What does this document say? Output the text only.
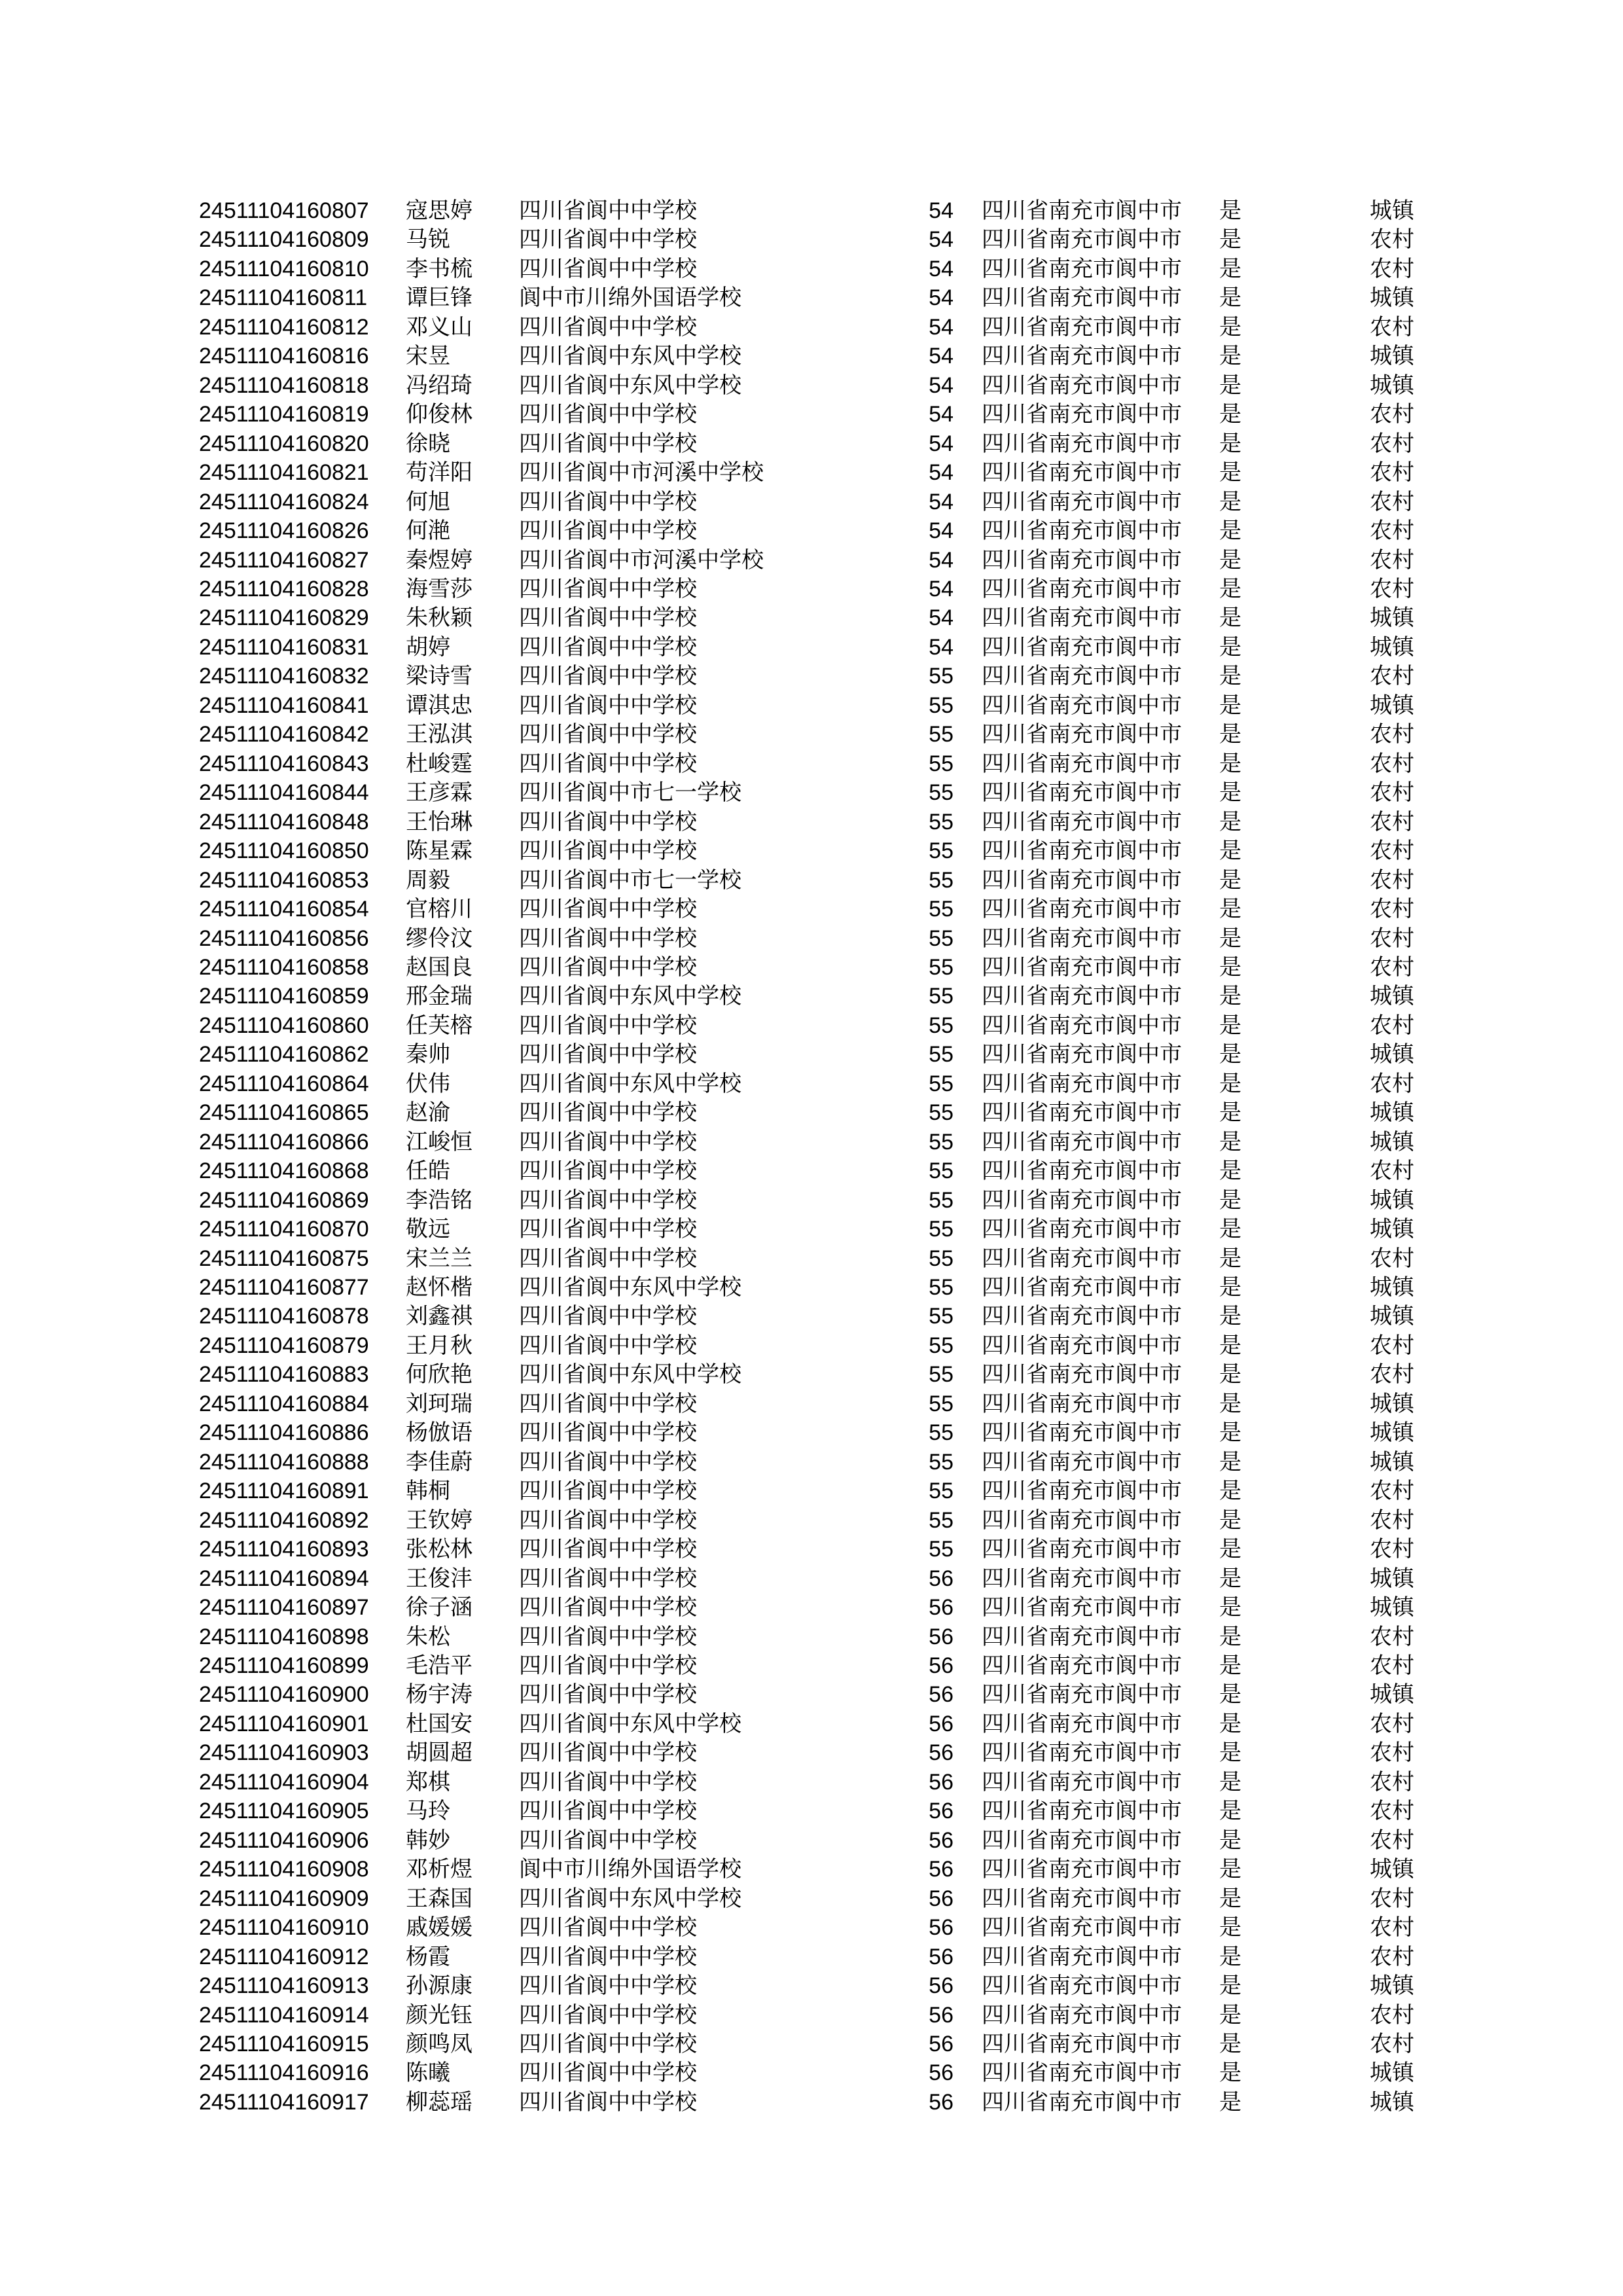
24511104160807 寇思婷 四川省阆中中学校	54 四川省南充市阆中市 是	城镇
24511104160809 马锐	四川省阆中中学校	54 四川省南充市阆中市 是	农村
24511104160810 李书梳 四川省阆中中学校	54 四川省南充市阆中市 是	农村
24511104160811 谭巨锋 阆中市川绵外国语学校	54 四川省南充市阆中市 是	城镇
24511104160812 邓义山 四川省阆中中学校	54 四川省南充市阆中市 是	农村
24511104160816 宋昱	四川省阆中东风中学校	54 四川省南充市阆中市 是	城镇
24511104160818 冯绍琦 四川省阆中东风中学校	54 四川省南充市阆中市 是	城镇
24511104160819 仰俊林 四川省阆中中学校	54 四川省南充市阆中市 是	农村
24511104160820 徐晓	四川省阆中中学校	54 四川省南充市阆中市 是	农村
24511104160821 苟洋阳 四川省阆中市河溪中学校	54 四川省南充市阆中市 是	农村
24511104160824 何旭	四川省阆中中学校	54 四川省南充市阆中市 是	农村
24511104160826 何滟	四川省阆中中学校	54 四川省南充市阆中市 是	农村
24511104160827 秦煜婷 四川省阆中市河溪中学校	54 四川省南充市阆中市 是	农村
24511104160828 海雪莎 四川省阆中中学校	54 四川省南充市阆中市 是	农村
24511104160829 朱秋颖 四川省阆中中学校	54 四川省南充市阆中市 是	城镇
24511104160831 胡婷	四川省阆中中学校	54 四川省南充市阆中市 是	城镇
24511104160832 梁诗雪 四川省阆中中学校	55 四川省南充市阆中市 是	农村
24511104160841 谭淇忠 四川省阆中中学校	55 四川省南充市阆中市 是	城镇
24511104160842 王泓淇 四川省阆中中学校	55 四川省南充市阆中市 是	农村
24511104160843 杜峻霆 四川省阆中中学校	55 四川省南充市阆中市 是	农村
24511104160844 王彦霖 四川省阆中市七一学校	55 四川省南充市阆中市 是	农村
24511104160848 王怡琳 四川省阆中中学校	55 四川省南充市阆中市 是	农村
24511104160850 陈星霖 四川省阆中中学校	55 四川省南充市阆中市 是	农村
24511104160853 周毅	四川省阆中市七一学校	55 四川省南充市阆中市 是	农村
24511104160854 官榕川 四川省阆中中学校	55 四川省南充市阆中市 是	农村
24511104160856 缪伶汶 四川省阆中中学校	55 四川省南充市阆中市 是	农村
24511104160858 赵国良 四川省阆中中学校	55 四川省南充市阆中市 是	农村
24511104160859 邢金瑞 四川省阆中东风中学校	55 四川省南充市阆中市 是	城镇
24511104160860 任芙榕 四川省阆中中学校	55 四川省南充市阆中市 是	农村
24511104160862 秦帅	四川省阆中中学校	55 四川省南充市阆中市 是	城镇
24511104160864 伏伟	四川省阆中东风中学校	55 四川省南充市阆中市 是	农村
24511104160865 赵渝	四川省阆中中学校	55 四川省南充市阆中市 是	城镇
24511104160866 江峻恒 四川省阆中中学校	55 四川省南充市阆中市 是	城镇
24511104160868 任皓	四川省阆中中学校	55 四川省南充市阆中市 是	农村
24511104160869 李浩铭 四川省阆中中学校	55 四川省南充市阆中市 是	城镇
24511104160870 敬远	四川省阆中中学校	55 四川省南充市阆中市 是	城镇
24511104160875 宋兰兰 四川省阆中中学校	55 四川省南充市阆中市 是	农村
24511104160877 赵怀楷 四川省阆中东风中学校	55 四川省南充市阆中市 是	城镇
24511104160878 刘鑫祺 四川省阆中中学校	55 四川省南充市阆中市 是	城镇
24511104160879 王月秋 四川省阆中中学校	55 四川省南充市阆中市 是	农村
24511104160883 何欣艳 四川省阆中东风中学校	55 四川省南充市阆中市 是	农村
24511104160884 刘珂瑞 四川省阆中中学校	55 四川省南充市阆中市 是	城镇
24511104160886 杨倣语 四川省阆中中学校	55 四川省南充市阆中市 是	城镇
24511104160888 李佳蔚 四川省阆中中学校	55 四川省南充市阆中市 是	城镇
24511104160891 韩桐	四川省阆中中学校	55 四川省南充市阆中市 是	农村
24511104160892 王钦婷 四川省阆中中学校	55 四川省南充市阆中市 是	农村
24511104160893 张松林 四川省阆中中学校	55 四川省南充市阆中市 是	农村
24511104160894 王俊沣 四川省阆中中学校	56 四川省南充市阆中市 是	城镇
24511104160897 徐子涵 四川省阆中中学校	56 四川省南充市阆中市 是	城镇
24511104160898 朱松	四川省阆中中学校	56 四川省南充市阆中市 是	农村
24511104160899 毛浩平 四川省阆中中学校	56 四川省南充市阆中市 是	农村
24511104160900 杨宇涛 四川省阆中中学校	56 四川省南充市阆中市 是	城镇
24511104160901 杜国安 四川省阆中东风中学校	56 四川省南充市阆中市 是	农村
24511104160903 胡圆超 四川省阆中中学校	56 四川省南充市阆中市 是	农村
24511104160904 郑棋	四川省阆中中学校	56 四川省南充市阆中市 是	农村
24511104160905 马玲	四川省阆中中学校	56 四川省南充市阆中市 是	农村
24511104160906 韩妙	四川省阆中中学校	56 四川省南充市阆中市 是	农村
24511104160908 邓析煜 阆中市川绵外国语学校	56 四川省南充市阆中市 是	城镇
24511104160909 王森国 四川省阆中东风中学校	56 四川省南充市阆中市 是	农村
24511104160910 戚媛媛 四川省阆中中学校	56 四川省南充市阆中市 是	农村
24511104160912 杨霞	四川省阆中中学校	56 四川省南充市阆中市 是	农村
24511104160913 孙源康 四川省阆中中学校	56 四川省南充市阆中市 是	城镇
24511104160914 颜光钰 四川省阆中中学校	56 四川省南充市阆中市 是	农村
24511104160915 颜鸣凤 四川省阆中中学校	56 四川省南充市阆中市 是	农村
24511104160916 陈曦	四川省阆中中学校	56 四川省南充市阆中市 是	城镇
24511104160917 柳蕊瑶 四川省阆中中学校	56 四川省南充市阆中市 是	城镇
